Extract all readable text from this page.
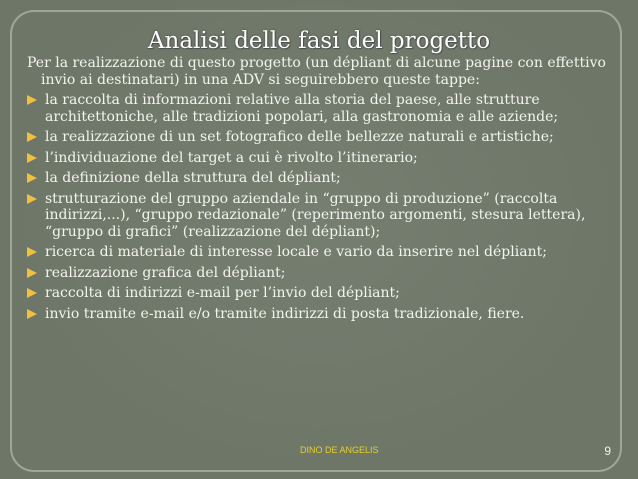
Analisi delle fasi del progetto

Per la realizzazione di questo progetto (un dépliant di alcune pagine con effettivo invio ai destinatari) in una ADV si seguirebbero queste tappe:

la raccolta di informazioni relative alla storia del paese, alle strutture architettoniche, alle tradizioni popolari, alla gastronomia e alle aziende;
la realizzazione di un set fotografico delle bellezze naturali e artistiche;
l’individuazione del target a cui è rivolto l’itinerario;
la definizione della struttura del dépliant;
strutturazione del gruppo aziendale in “gruppo di produzione” (raccolta indirizzi,...), “gruppo redazionale” (reperimento argomenti, stesura lettera), “gruppo di grafici” (realizzazione del dépliant);
ricerca di materiale di interesse locale e vario da inserire nel dépliant;
realizzazione grafica del dépliant;
raccolta di indirizzi e-mail per l’invio del dépliant;
invio tramite e-mail e/o tramite indirizzi di posta tradizionale, fiere.
DINO DE ANGELIS	9
